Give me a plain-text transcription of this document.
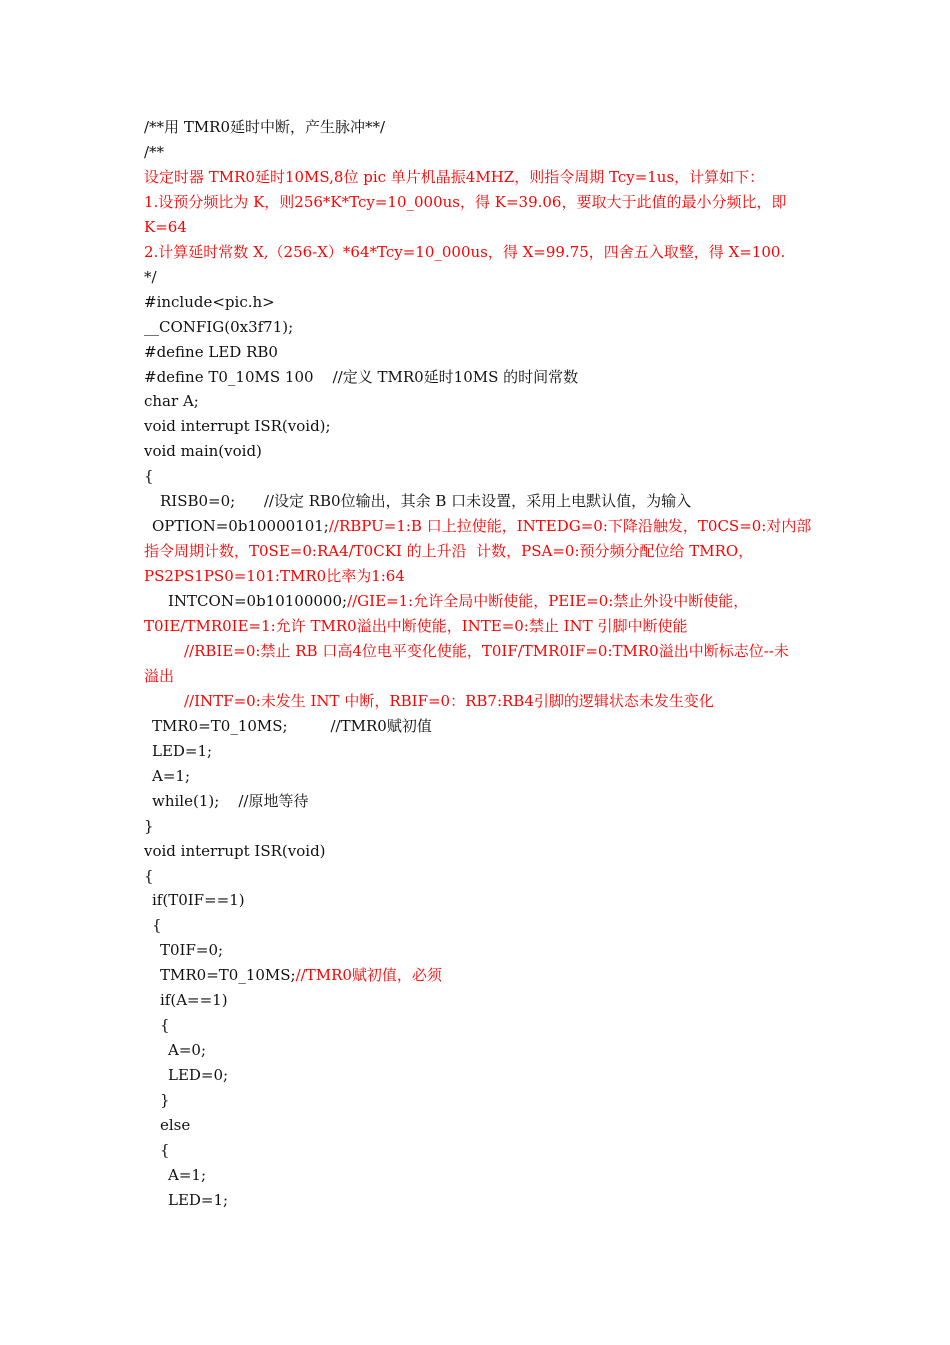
/**用 TMR0延时中断，产生脉冲**/
/**
设定时器 TMR0延时10MS,8位 pic 单片机晶振4MHZ，则指令周期 Tcy=1us，计算如下：
1.设预分频比为 K，则256*K*Tcy=10_000us，得 K=39.06，要取大于此值的最小分频比，即
K=64
2.计算延时常数 X,（256-X）*64*Tcy=10_000us，得 X=99.75，四舍五入取整，得 X=100.
*/
#include<pic.h>
__CONFIG(0x3f71);
#define LED RB0
#define T0_10MS 100    //定义 TMR0延时10MS 的时间常数
char A;
void interrupt ISR(void);
void main(void)
{
RISB0=0;      //设定 RB0位输出，其余 B 口未设置，采用上电默认值，为输入
OPTION=0b10000101;//RBPU=1:B 口上拉使能，INTEDG=0:下降沿触发，T0CS=0:对内部
指令周期计数，T0SE=0:RA4/T0CKI 的上升沿  计数，PSA=0:预分频分配位给 TMRO，
PS2PS1PS0=101:TMR0比率为1:64
INTCON=0b10100000;//GIE=1:允许全局中断使能，PEIE=0:禁止外设中断使能，
T0IE/TMR0IE=1:允许 TMR0溢出中断使能，INTE=0:禁止 INT 引脚中断使能
//RBIE=0:禁止 RB 口高4位电平变化使能，T0IF/TMR0IF=0:TMR0溢出中断标志位--未
溢出
//INTF=0:未发生 INT 中断，RBIF=0：RB7:RB4引脚的逻辑状态未发生变化
TMR0=T0_10MS;         //TMR0赋初值
LED=1;
A=1;
while(1);    //原地等待
}
void interrupt ISR(void)
{
if(T0IF==1)
{
T0IF=0;
TMR0=T0_10MS;//TMR0赋初值，必须
if(A==1)
{
A=0;
LED=0;
}
else
{
A=1;
LED=1;
